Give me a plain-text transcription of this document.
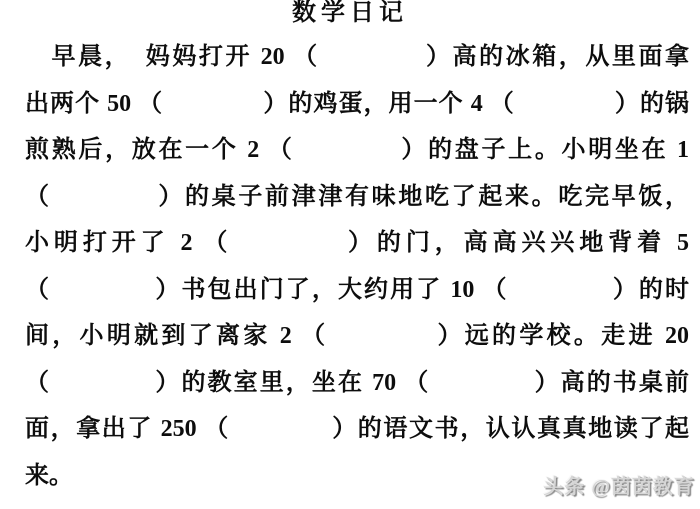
数学日记
　早晨，　妈妈打开 20 （　　　　）高的冰箱，从里面拿
出两个 50 （　　　　）的鸡蛋，用一个 4 （　　　　）的锅
煎熟后，放在一个 2 （　　　　）的盘子上。小明坐在 1
（　　　　）的桌子前津津有味地吃了起来。吃完早饭，
小明打开了 2 （　　　　）的门，高高兴兴地背着 5
（　　　　）书包出门了，大约用了 10 （　　　　）的时
间，小明就到了离家 2 （　　　　）远的学校。走进 20
（　　　　）的教室里，坐在 70 （　　　　）高的书桌前
面，拿出了 250 （　　　　）的语文书，认认真真地读了起
来。	头条 @茵茵教育
